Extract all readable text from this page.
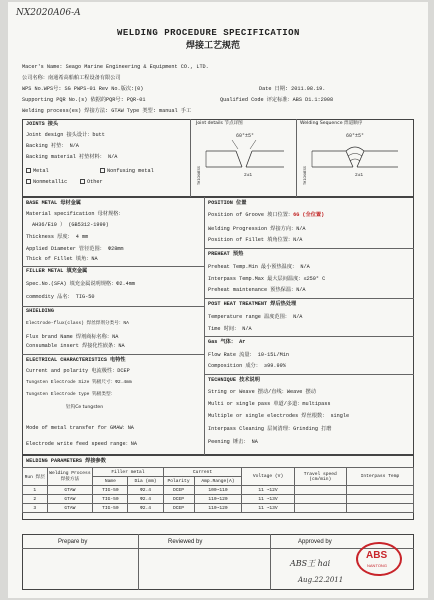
NX2020A06-A
WELDING PROCEDURE SPECIFICATION
焊接工艺规范
Macer's Name: Seago Marine Engineering & Equipment CO., LTD.
公司名称：南通希高船舶工程设备有限公司
WPS No.WPS号: SG PWPS-01 Rev No.版次:(0)	Date 日期: 2011.08.19.
Supporting PQR No.(s) 依据的PQR号: PQR-01	Qualified Code 评定标准：ABS D1.1:2008
Welding process(es) 焊接方法: GTAW Type 类型: manual 手工
JOINTS 接头
Joint design 接头设计：butt
Backing 衬垫： N/A
Backing material 衬垫材料： N/A
Metal	Nonfusing metal
Nonmetallic	Other
Joint details 节点详图	Welding Sequence 焊道顺序
60°±5°
2±1
THICKNESS
60°±5°
2±1
THICKNESS
BASE METAL 母材金属
Material specification 母材规格：
AH36/E10 ） (GB5312-1999)
Thickness 厚度： 4 mm
Applied Diameter 管径范围： Φ28mm
Thick of Fillet 填角：NA
FILLER METAL 填充金属
Spec.No.(SFA) 填充金属说明规格：Φ2.4mm
commodity 品名： TIG-50
SHIELDING
Electrode-flux(class) 焊丝焊剂分类号：NA
Flux brand Name 焊剂商标名称：NA
Consumable insert 焊接化性嵌条：NA
ELECTRICAL CHARACTERISTICS 电特性
Current and polarity 电流极性：DCEP
Tungsten Electrode Size 钨极尺寸：Φ2.4mm
Tungsten Electrode type 钨极类型：
钍钨Ce tungsten
Mode of metal transfer for GMAW：NA
Electrode write feed speed range：NA
POSITION 位置
Position of Groove 坡口位置：6G (全位置)
Welding Progression 焊接方向：N/A
Position of Fillet 填角位置：N/A
PREHEAT 预热
Preheat Temp.Min 最小预热温度： N/A
Interpass Temp.Max 最大层间温度：≤250° C
Preheat maintenance 预热保温：N/A
POST HEAT TREATMENT 焊后热处理
Temperature range 温度范围： N/A
Time 时间： N/A
Gas 气体： Ar
Flow Rate 流量： 10-15L/Min
Composition 成分： ≥99.99%
TECHNIQUE 技术说明
String or Weave 摆动/直线：Weave 摆动
Multi or single pass 单道/多道：multipass
Multiple or single electrodes 焊丝根数： single
Interpass Cleaning 层间清理：Grinding 打磨
Peening 锤击： NA
WELDING PARAMETERS 焊接参数
Run 焊层	Welding Process 焊接方法	Filler metal		Current		Voltage (V)	Travel speed (cm/min)	Interpass Temp
		Name	Dia (mm)	Polarity	Amp.Range(A)			
1	GTAW	TIG-50	Φ2.4	DCEP	100~110	11 ~12V		
2	GTAW	TIG-50	Φ2.4	DCEP	110~120	11 ~13V		
3	GTAW	TIG-50	Φ2.4	DCEP	110~120	11 ~13V		
Prepare by	Reviewed by	Approved by
ABS王 hai
Aug.22.2011
ABS
NANTONG
